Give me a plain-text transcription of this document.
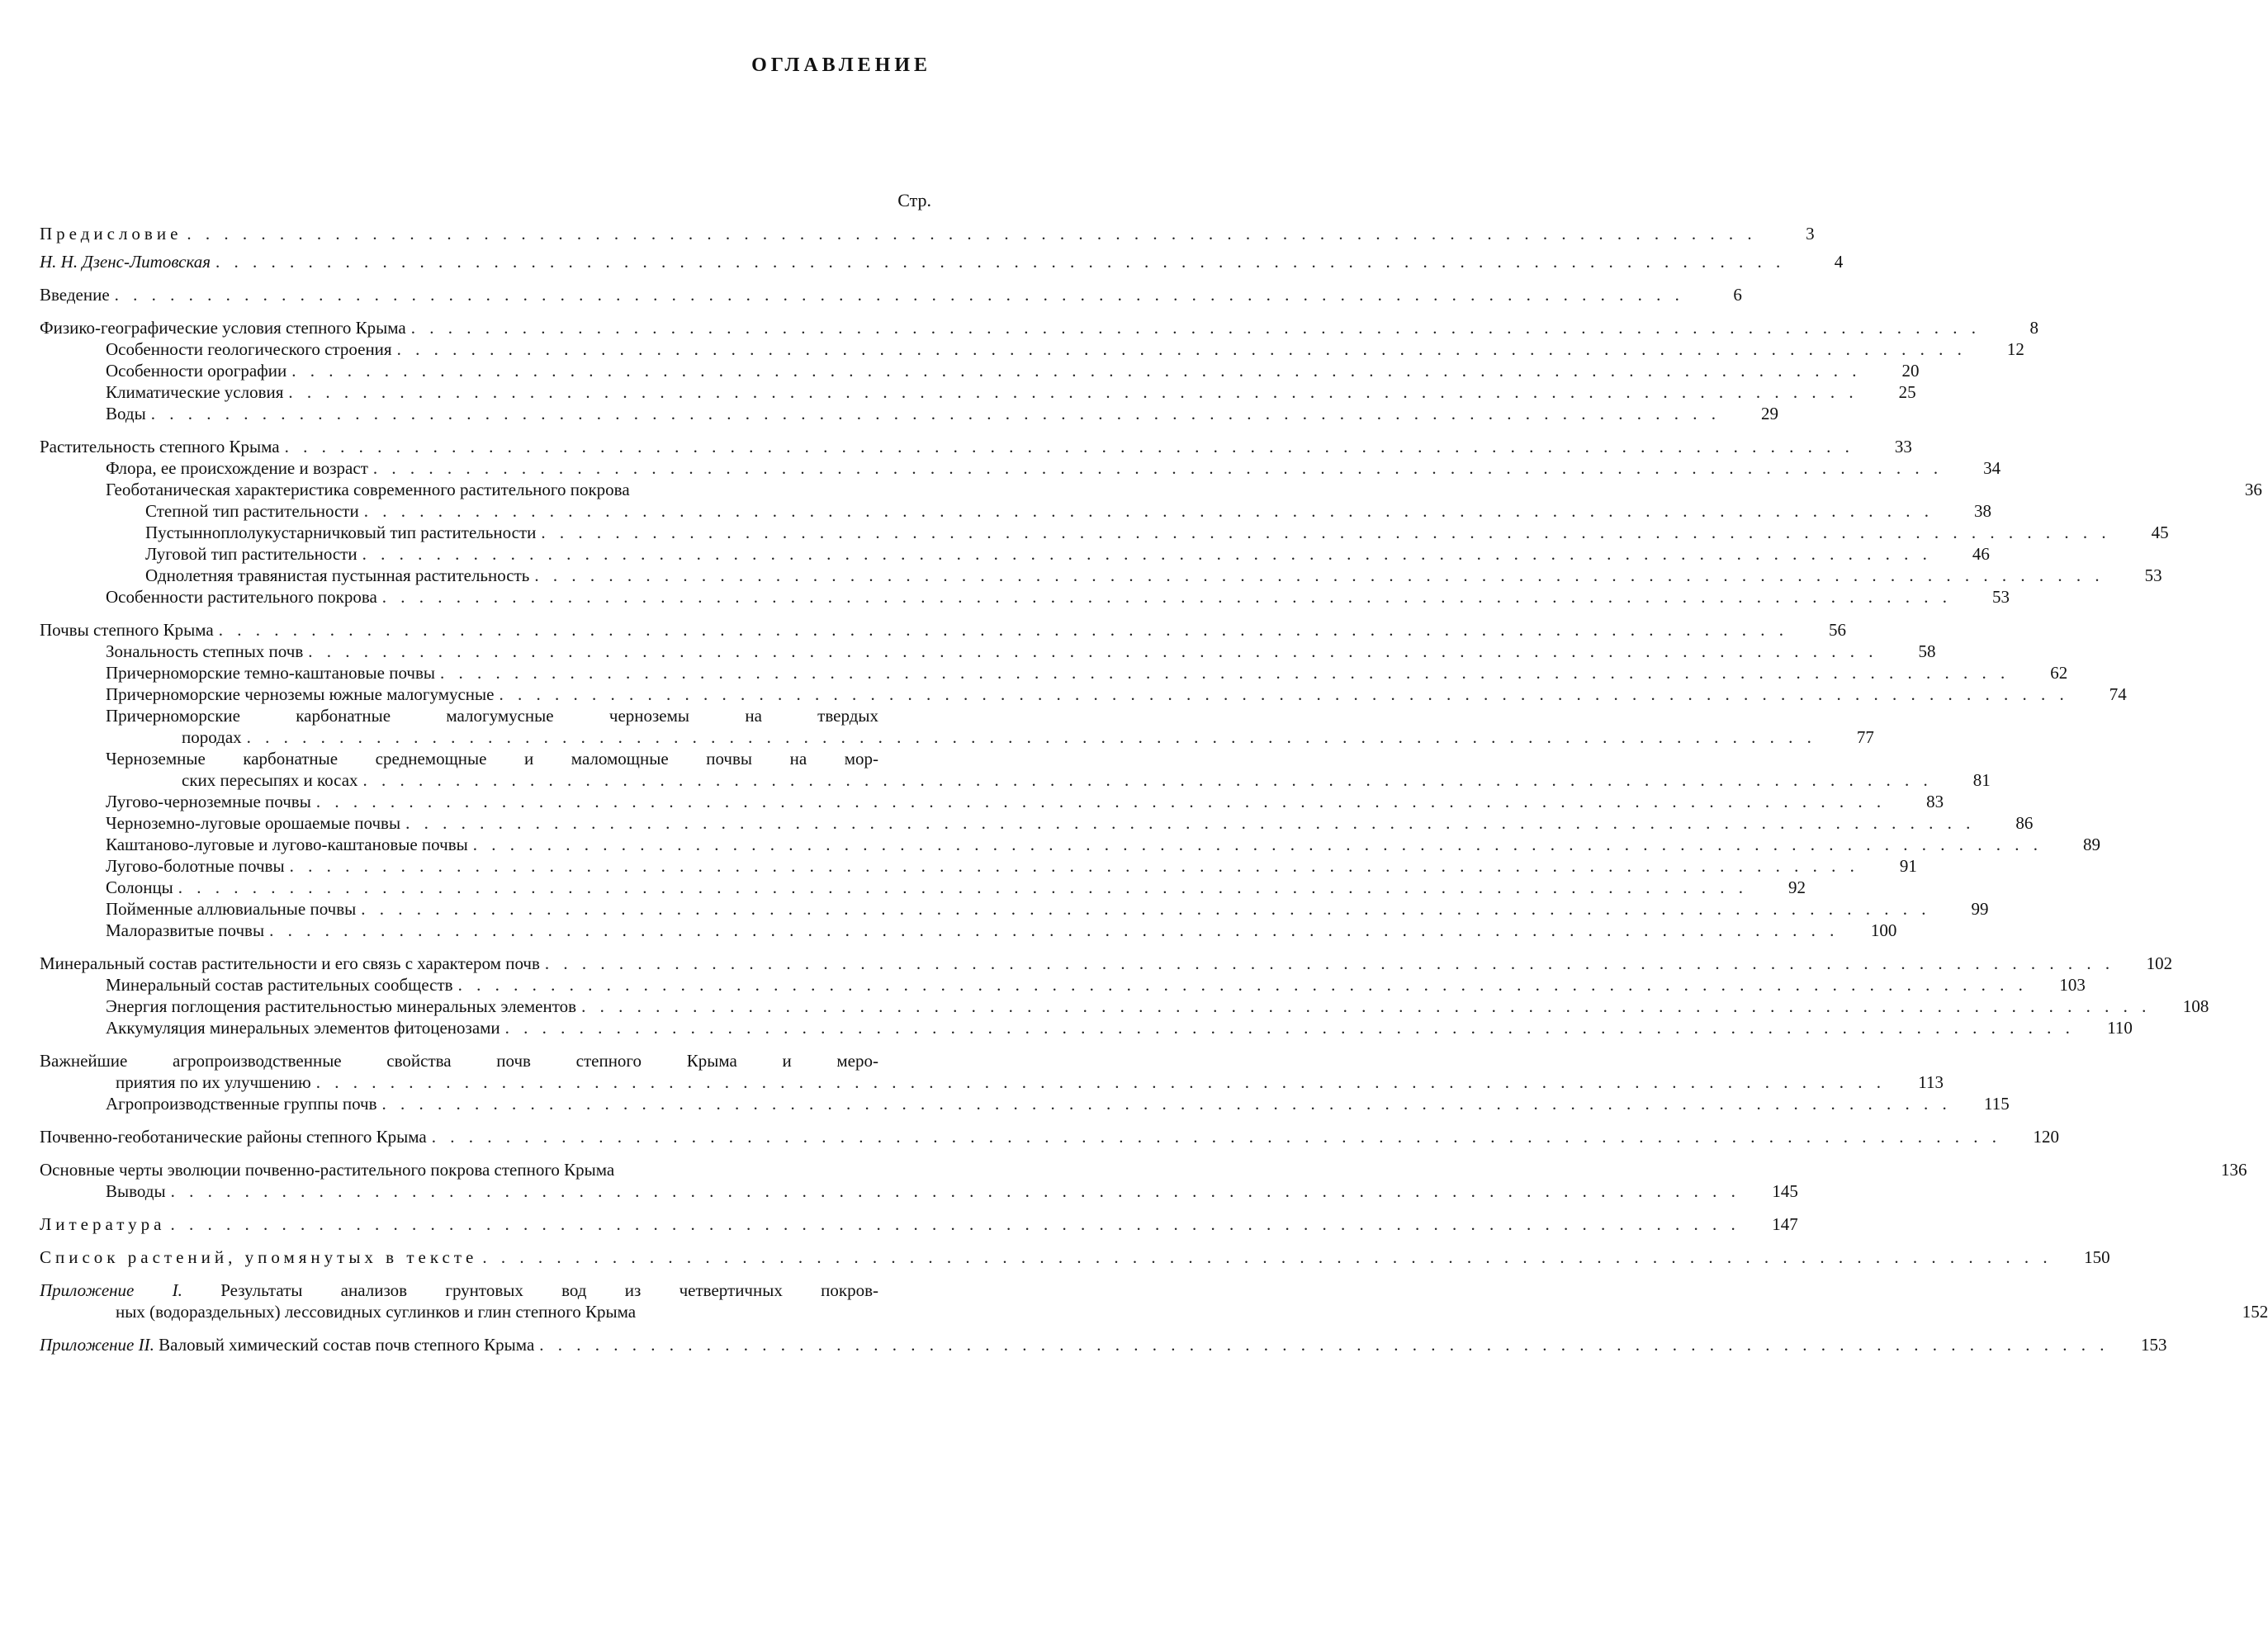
ОГЛАВЛЕНИЕ
Стр.
Предисловие . . .	3
Н. Н. Дзенс-Литовская . . .	4
Введение . . .	6
Физико-географические условия степного Крыма . . .	8
Особенности геологического строения . . .	12
Особенности орографии . . .	20
Климатические условия . . .	25
Воды . . .	29
Растительность степного Крыма . . .	33
Флора, ее происхождение и возраст . . .	34
Геоботаническая характеристика современного растительного покрова	36
Степной тип растительности . . .	38
Пустынноплолукустарничковый тип растительности . . .	45
Луговой тип растительности . . .	46
Однолетняя травянистая пустынная растительность . . .	53
Особенности растительного покрова . . .	53
Почвы степного Крыма . . .	56
Зональность степных почв . . .	58
Причерноморские темно-каштановые почвы . . .	62
Причерноморские черноземы южные малогумусные . . .	74
Причерноморские карбонатные малогумусные черноземы на твердых
породах . . .	77
Черноземные карбонатные среднемощные и маломощные почвы на мор-
ских пересыпях и косах . . .	81
Лугово-черноземные почвы . . .	83
Черноземно-луговые орошаемые почвы . . .	86
Каштаново-луговые и лугово-каштановые почвы . . .	89
Лугово-болотные почвы . . .	91
Солонцы . . .	92
Пойменные аллювиальные почвы . . .	99
Малоразвитые почвы . . .	100
Минеральный состав растительности и его связь с характером почв . . .	102
Минеральный состав растительных сообществ . . .	103
Энергия поглощения растительностью минеральных элементов . . .	108
Аккумуляция минеральных элементов фитоценозами . . .	110
Важнейшие агропроизводственные свойства почв степного Крыма и меро-
приятия по их улучшению . . .	113
Агропроизводственные группы почв . . .	115
Почвенно-геоботанические районы степного Крыма . . .	120
Основные черты эволюции почвенно-растительного покрова степного Крыма	136
Выводы . . .	145
Литература . . .	147
Список растений, упомянутых в тексте . . .	150
Приложение I. Результаты анализов грунтовых вод из четвертичных покров-
ных (водораздельных) лессовидных суглинков и глин степного Крыма	152
Приложение II. Валовый химический состав почв степного Крыма . . .	153
